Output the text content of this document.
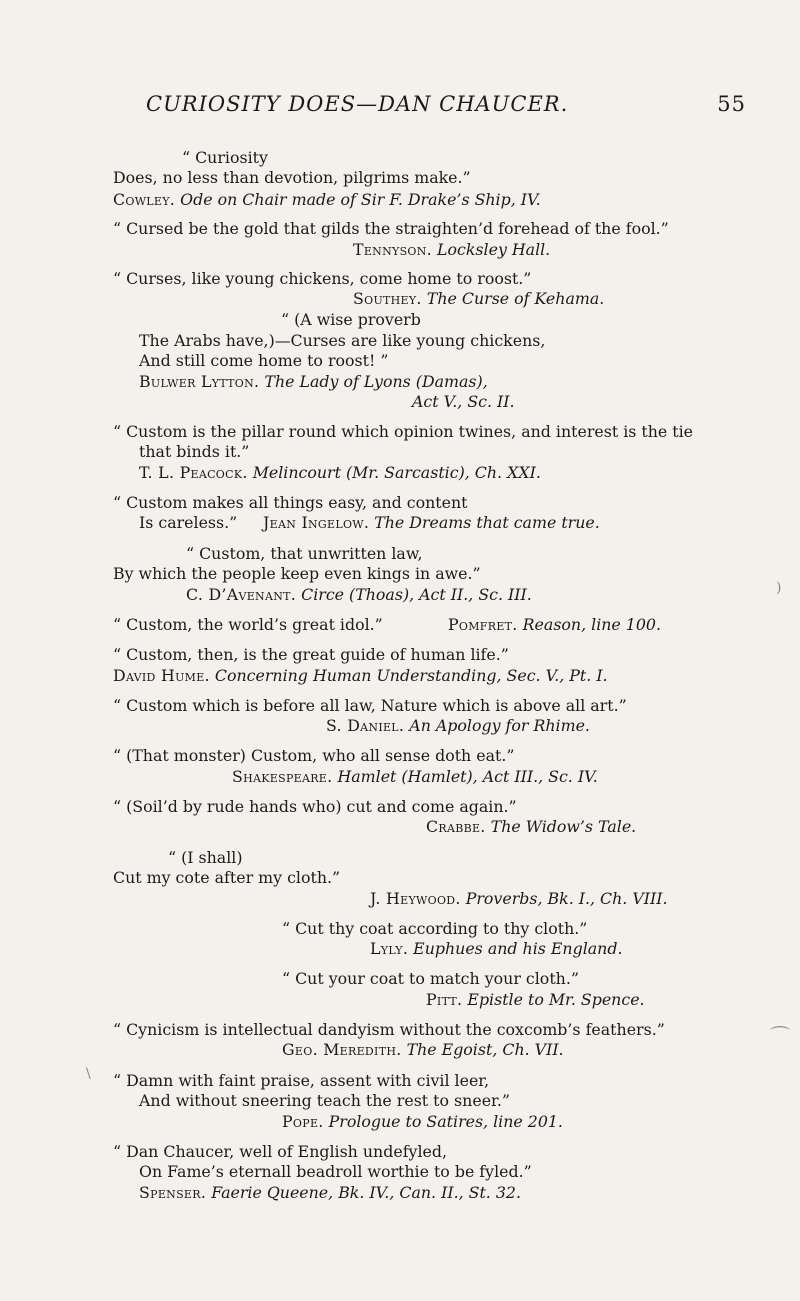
CURIOSITY DOES—DAN CHAUCER.	55
“ Curiosity
Does, no less than devotion, pilgrims make.”
Cowley. Ode on Chair made of Sir F. Drake’s Ship, IV.
“ Cursed be the gold that gilds the straighten’d forehead of the fool.”
Tennyson. Locksley Hall.
“ Curses, like young chickens, come home to roost.”
Southey. The Curse of Kehama.
“ (A wise proverb
The Arabs have,)—Curses are like young chickens,
And still come home to roost! ”
Bulwer Lytton. The Lady of Lyons (Damas),
Act V., Sc. II.
“ Custom is the pillar round which opinion twines, and interest is the tie
that binds it.”
T. L. Peacock. Melincourt (Mr. Sarcastic), Ch. XXI.
“ Custom makes all things easy, and content
Is careless.” Jean Ingelow. The Dreams that came true.
“ Custom, that unwritten law,
By which the people keep even kings in awe.”
C. D’Avenant. Circe (Thoas), Act II., Sc. III.
“ Custom, the world’s great idol.”	Pomfret. Reason, line 100.
“ Custom, then, is the great guide of human life.”
David Hume. Concerning Human Understanding, Sec. V., Pt. I.
“ Custom which is before all law, Nature which is above all art.”
S. Daniel. An Apology for Rhime.
“ (That monster) Custom, who all sense doth eat.”
Shakespeare. Hamlet (Hamlet), Act III., Sc. IV.
“ (Soil’d by rude hands who) cut and come again.”
Crabbe. The Widow’s Tale.
“ (I shall)
Cut my cote after my cloth.”
J. Heywood. Proverbs, Bk. I., Ch. VIII.
“ Cut thy coat according to thy cloth.”
Lyly. Euphues and his England.
“ Cut your coat to match your cloth.”
Pitt. Epistle to Mr. Spence.
“ Cynicism is intellectual dandyism without the coxcomb’s feathers.”
Geo. Meredith. The Egoist, Ch. VII.
“ Damn with faint praise, assent with civil leer,
And without sneering teach the rest to sneer.”
Pope. Prologue to Satires, line 201.
“ Dan Chaucer, well of English undefyled,
On Fame’s eternall beadroll worthie to be fyled.”
Spenser. Faerie Queene, Bk. IV., Can. II., St. 32.
)
\
⌒
